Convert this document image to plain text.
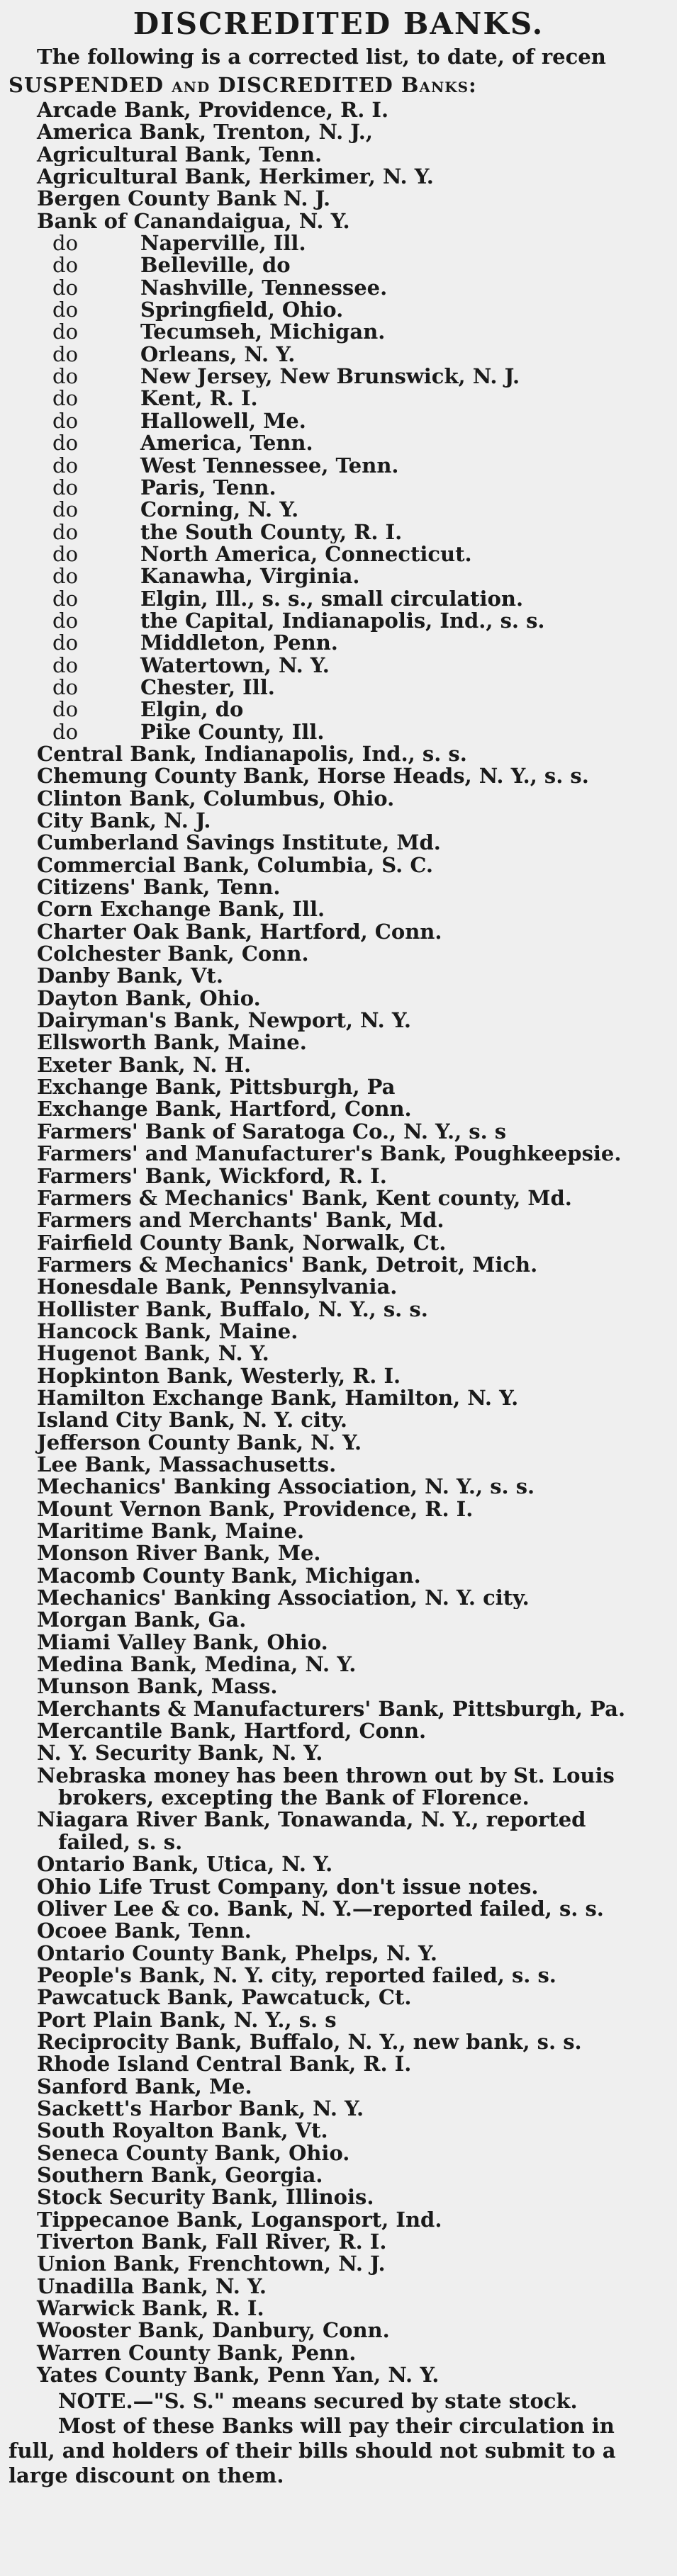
DISCREDITED BANKS.
The following is a corrected list, to date, of recen
SUSPENDED and DISCREDITED Banks:
Arcade Bank, Providence, R. I.
America Bank, Trenton, N. J.,
Agricultural Bank, Tenn.
Agricultural Bank, Herkimer, N. Y.
Bergen County Bank N. J.
Bank of Canandaigua, N. Y.
do	Naperville, Ill.
do	Belleville, do
do	Nashville, Tennessee.
do	Springfield, Ohio.
do	Tecumseh, Michigan.
do	Orleans, N. Y.
do	New Jersey, New Brunswick, N. J.
do	Kent, R. I.
do	Hallowell, Me.
do	America, Tenn.
do	West Tennessee, Tenn.
do	Paris, Tenn.
do	Corning, N. Y.
do	the South County, R. I.
do	North America, Connecticut.
do	Kanawha, Virginia.
do	Elgin, Ill., s. s., small circulation.
do	the Capital, Indianapolis, Ind., s. s.
do	Middleton, Penn.
do	Watertown, N. Y.
do	Chester, Ill.
do	Elgin, do
do	Pike County, Ill.
Central Bank, Indianapolis, Ind., s. s.
Chemung County Bank, Horse Heads, N. Y., s. s.
Clinton Bank, Columbus, Ohio.
City Bank, N. J.
Cumberland Savings Institute, Md.
Commercial Bank, Columbia, S. C.
Citizens' Bank, Tenn.
Corn Exchange Bank, Ill.
Charter Oak Bank, Hartford, Conn.
Colchester Bank, Conn.
Danby Bank, Vt.
Dayton Bank, Ohio.
Dairyman's Bank, Newport, N. Y.
Ellsworth Bank, Maine.
Exeter Bank, N. H.
Exchange Bank, Pittsburgh, Pa
Exchange Bank, Hartford, Conn.
Farmers' Bank of Saratoga Co., N. Y., s. s
Farmers' and Manufacturer's Bank, Poughkeepsie.
Farmers' Bank, Wickford, R. I.
Farmers & Mechanics' Bank, Kent county, Md.
Farmers and Merchants' Bank, Md.
Fairfield County Bank, Norwalk, Ct.
Farmers & Mechanics' Bank, Detroit, Mich.
Honesdale Bank, Pennsylvania.
Hollister Bank, Buffalo, N. Y., s. s.
Hancock Bank, Maine.
Hugenot Bank, N. Y.
Hopkinton Bank, Westerly, R. I.
Hamilton Exchange Bank, Hamilton, N. Y.
Island City Bank, N. Y. city.
Jefferson County Bank, N. Y.
Lee Bank, Massachusetts.
Mechanics' Banking Association, N. Y., s. s.
Mount Vernon Bank, Providence, R. I.
Maritime Bank, Maine.
Monson River Bank, Me.
Macomb County Bank, Michigan.
Mechanics' Banking Association, N. Y. city.
Morgan Bank, Ga.
Miami Valley Bank, Ohio.
Medina Bank, Medina, N. Y.
Munson Bank, Mass.
Merchants & Manufacturers' Bank, Pittsburgh, Pa.
Mercantile Bank, Hartford, Conn.
N. Y. Security Bank, N. Y.
Nebraska money has been thrown out by St. Louis
brokers, excepting the Bank of Florence.
Niagara River Bank, Tonawanda, N. Y., reported
failed, s. s.
Ontario Bank, Utica, N. Y.
Ohio Life Trust Company, don't issue notes.
Oliver Lee & co. Bank, N. Y.—reported failed, s. s.
Ocoee Bank, Tenn.
Ontario County Bank, Phelps, N. Y.
People's Bank, N. Y. city, reported failed, s. s.
Pawcatuck Bank, Pawcatuck, Ct.
Port Plain Bank, N. Y., s. s
Reciprocity Bank, Buffalo, N. Y., new bank, s. s.
Rhode Island Central Bank, R. I.
Sanford Bank, Me.
Sackett's Harbor Bank, N. Y.
South Royalton Bank, Vt.
Seneca County Bank, Ohio.
Southern Bank, Georgia.
Stock Security Bank, Illinois.
Tippecanoe Bank, Logansport, Ind.
Tiverton Bank, Fall River, R. I.
Union Bank, Frenchtown, N. J.
Unadilla Bank, N. Y.
Warwick Bank, R. I.
Wooster Bank, Danbury, Conn.
Warren County Bank, Penn.
Yates County Bank, Penn Yan, N. Y.
NOTE.—"S. S." means secured by state stock.
Most of these Banks will pay their circulation in
full, and holders of their bills should not submit to a
large discount on them.
